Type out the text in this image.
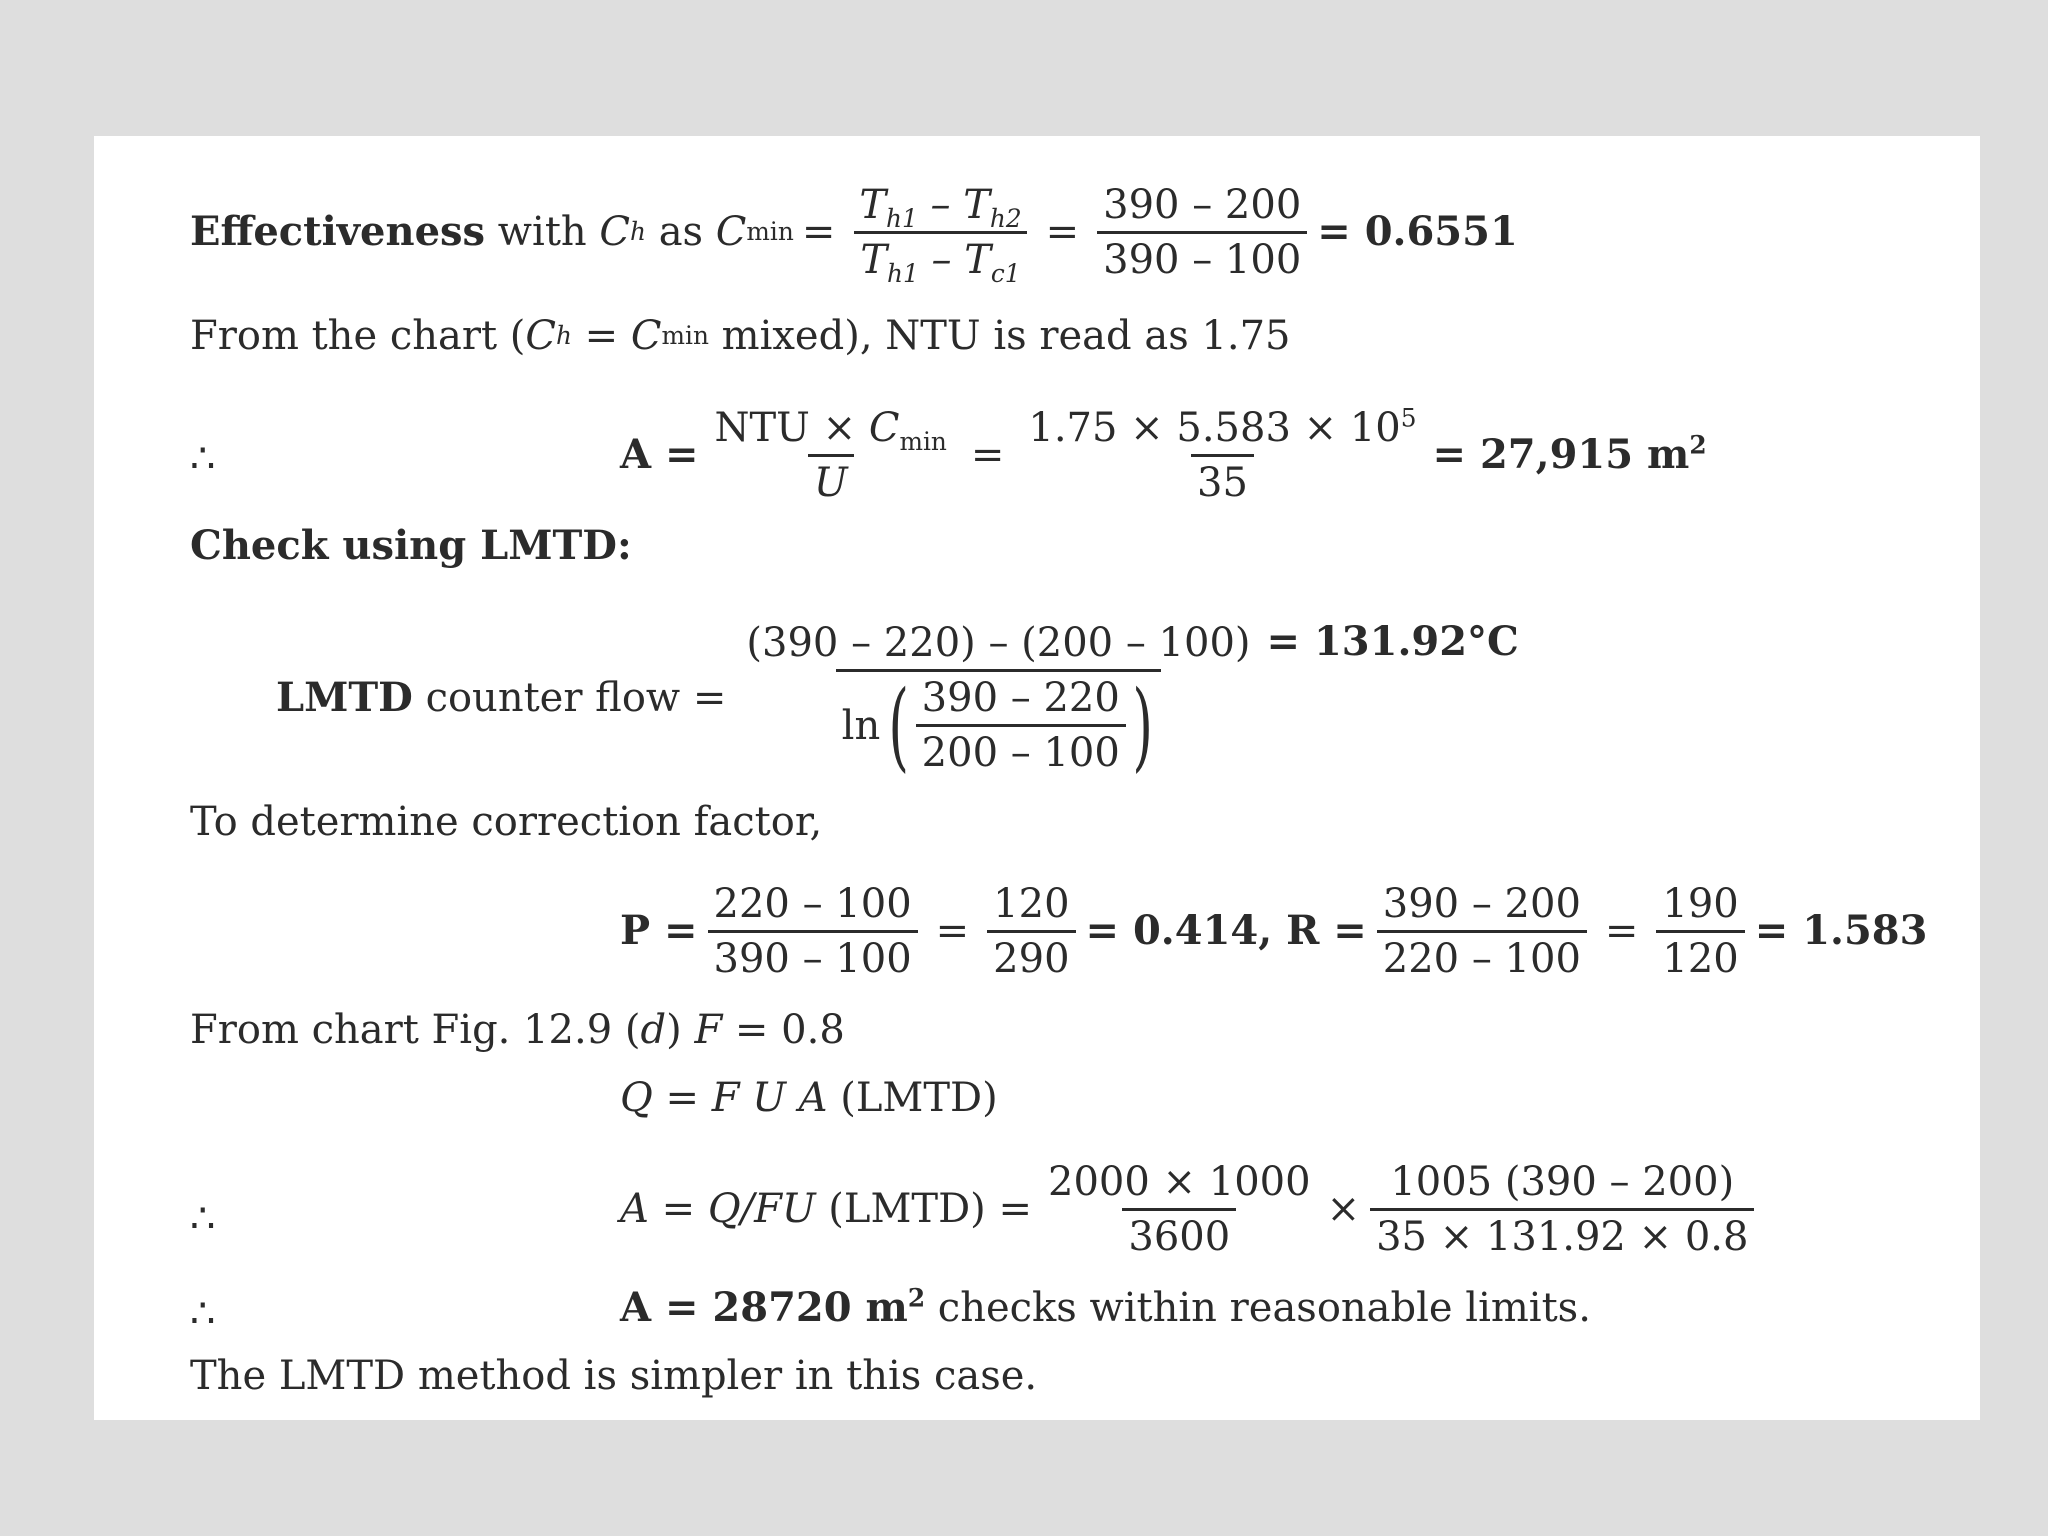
Effectiveness
with
C h
as
C $\min = \frac{T_{h1} - T_{h2}}{T_{h1} - T_{c1}} = \frac{390 - 200}{390 - 100} = 0.6551$
From the chart ( C h = C min mixed), NTU is read as 1.75
∴	$A = \frac{NTU \times C_{min}}{U} = \frac{1.75 \times 5.583 \times 10^5}{35} = 27,915$ $m^2$
Check using LMTD:
LMTD counter flow =
(390 – 220) – (200 – 100)
ln ( $\frac{390 - 220}{200 - 100}$ )
= 131.92°C
To determine correction factor,
$P = \frac{220 - 100}{390 - 100} = \frac{120}{290} = 0.414$, $R = \frac{390 - 200}{220 - 100} = \frac{190}{120} = 1.583$
From chart Fig. 12.9 ( d ) F = 0.8
Q = F U A (LMTD)
∴	A = Q/FU (LMTD) = $\frac{2000 \times 1000}{3600} \times \frac{1005 (390 - 200)}{35 \times 131.92 \times 0.8}$
∴	A = 28720 $m^2$ checks within reasonable limits.
The LMTD method is simpler in this case.
